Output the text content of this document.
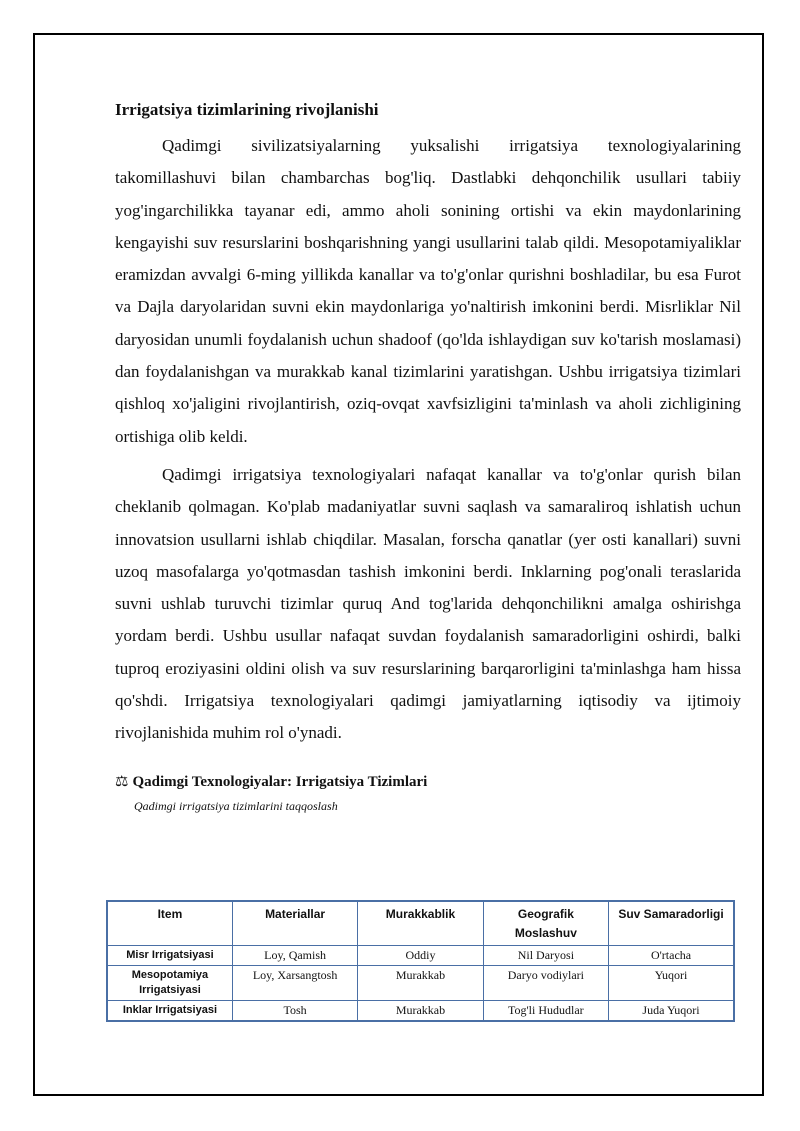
Irrigatsiya tizimlarining rivojlanishi

Qadimgi sivilizatsiyalarning yuksalishi irrigatsiya texnologiyalarining takomillashuvi bilan chambarchas bog'liq. Dastlabki dehqonchilik usullari tabiiy yog'ingarchilikka tayanar edi, ammo aholi sonining ortishi va ekin maydonlarining kengayishi suv resurslarini boshqarishning yangi usullarini talab qildi. Mesopotamiyaliklar eramizdan avvalgi 6-ming yillikda kanallar va to'g'onlar qurishni boshladilar, bu esa Furot va Dajla daryolaridan suvni ekin maydonlariga yo'naltirish imkonini berdi. Misrliklar Nil daryosidan unumli foydalanish uchun shadoof (qo'lda ishlaydigan suv ko'tarish moslamasi) dan foydalanishgan va murakkab kanal tizimlarini yaratishgan. Ushbu irrigatsiya tizimlari qishloq xo'jaligini rivojlantirish, oziq-ovqat xavfsizligini ta'minlash va aholi zichligining ortishiga olib keldi.

Qadimgi irrigatsiya texnologiyalari nafaqat kanallar va to'g'onlar qurish bilan cheklanib qolmagan. Ko'plab madaniyatlar suvni saqlash va samaraliroq ishlatish uchun innovatsion usullarni ishlab chiqdilar. Masalan, forscha qanatlar (yer osti kanallari) suvni uzoq masofalarga yo'qotmasdan tashish imkonini berdi. Inklarning pog'onali teraslarida suvni ushlab turuvchi tizimlar quruq And tog'larida dehqonchilikni amalga oshirishga yordam berdi. Ushbu usullar nafaqat suvdan foydalanish samaradorligini oshirdi, balki tuproq eroziyasini oldini olish va suv resurslarining barqarorligini ta'minlashga ham hissa qo'shdi. Irrigatsiya texnologiyalari qadimgi jamiyatlarning iqtisodiy va ijtimoiy rivojlanishida muhim rol o'ynadi.

⚖ Qadimgi Texnologiyalar: Irrigatsiya Tizimlari
Qadimgi irrigatsiya tizimlarini taqqoslash
Item	Materiallar	Murakkablik	Geografik Moslashuv	Suv Samaradorligi
Misr Irrigatsiyasi	Loy, Qamish	Oddiy	Nil Daryosi	O'rtacha
Mesopotamiya Irrigatsiyasi	Loy, Xarsangtosh	Murakkab	Daryo vodiylari	Yuqori
Inklar Irrigatsiyasi	Tosh	Murakkab	Tog'li Hududlar	Juda Yuqori
